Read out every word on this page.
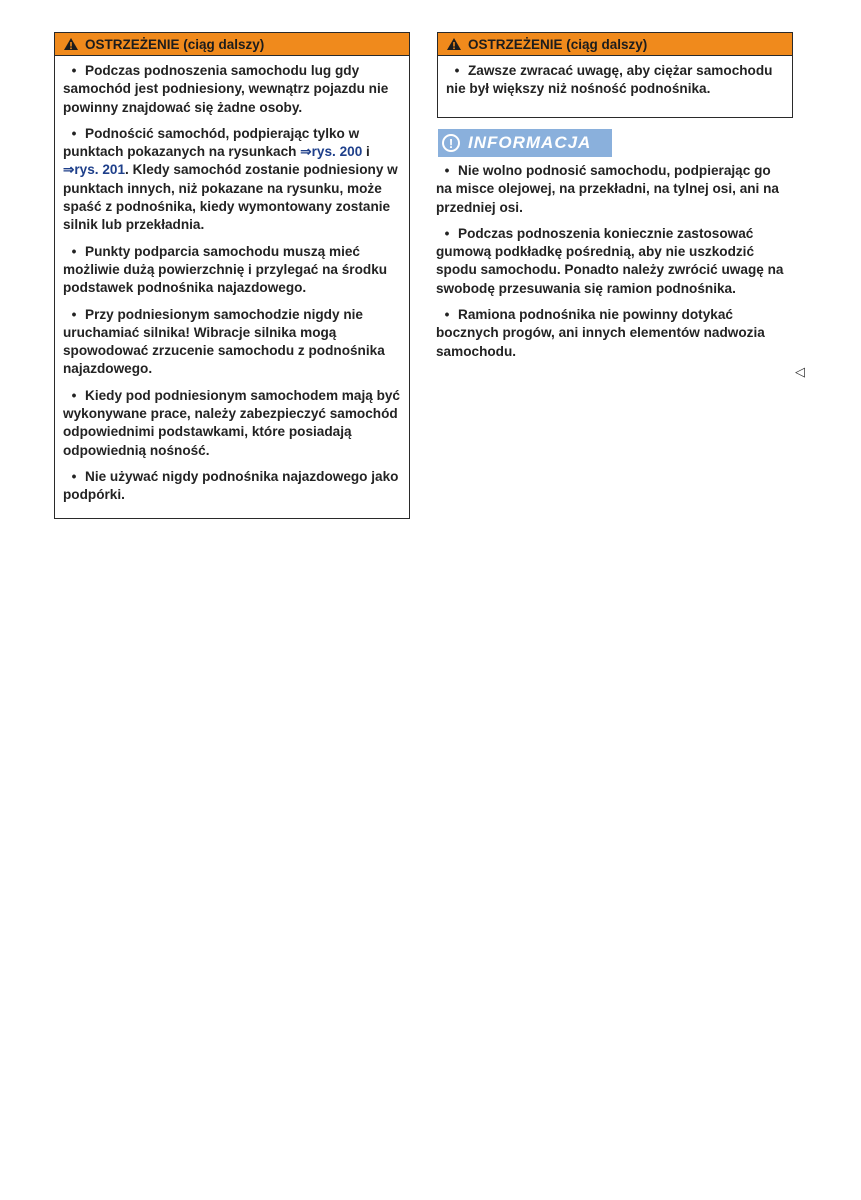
OSTRZEŻENIE (ciąg dalszy)
• Podczas podnoszenia samochodu lug gdy samochód jest podniesiony, wewnątrz pojazdu nie powinny znajdować się żadne osoby.
• Podnościć samochód, podpierając tylko w punktach pokazanych na rysunkach ⇒rys. 200 i ⇒rys. 201. Kledy samochód zostanie podniesiony w punktach innych, niż pokazane na rysunku, może spaść z podnośnika, kiedy wymontowany zostanie silnik lub przekładnia.
• Punkty podparcia samochodu muszą mieć możliwie dużą powierzchnię i przylegać na środku podstawek podnośnika najazdowego.
• Przy podniesionym samochodzie nigdy nie uruchamiać silnika! Wibracje silnika mogą spowodować zrzucenie samochodu z podnośnika najazdowego.
• Kiedy pod podniesionym samochodem mają być wykonywane prace, należy zabezpieczyć samochód odpowiednimi podstawkami, które posiadają odpowiednią nośność.
• Nie używać nigdy podnośnika najazdowego jako podpórki.
OSTRZEŻENIE (ciąg dalszy)
• Zawsze zwracać uwagę, aby ciężar samochodu nie był większy niż nośność podnośnika.
! INFORMACJA
• Nie wolno podnosić samochodu, podpierając go na misce olejowej, na przekładni, na tylnej osi, ani na przedniej osi.
• Podczas podnoszenia koniecznie zastosować gumową podkładkę pośrednią, aby nie uszkodzić spodu samochodu. Ponadto należy zwrócić uwagę na swobodę przesuwania się ramion podnośnika.
• Ramiona podnośnika nie powinny dotykać bocznych progów, ani innych elementów nadwozia samochodu.
◁
